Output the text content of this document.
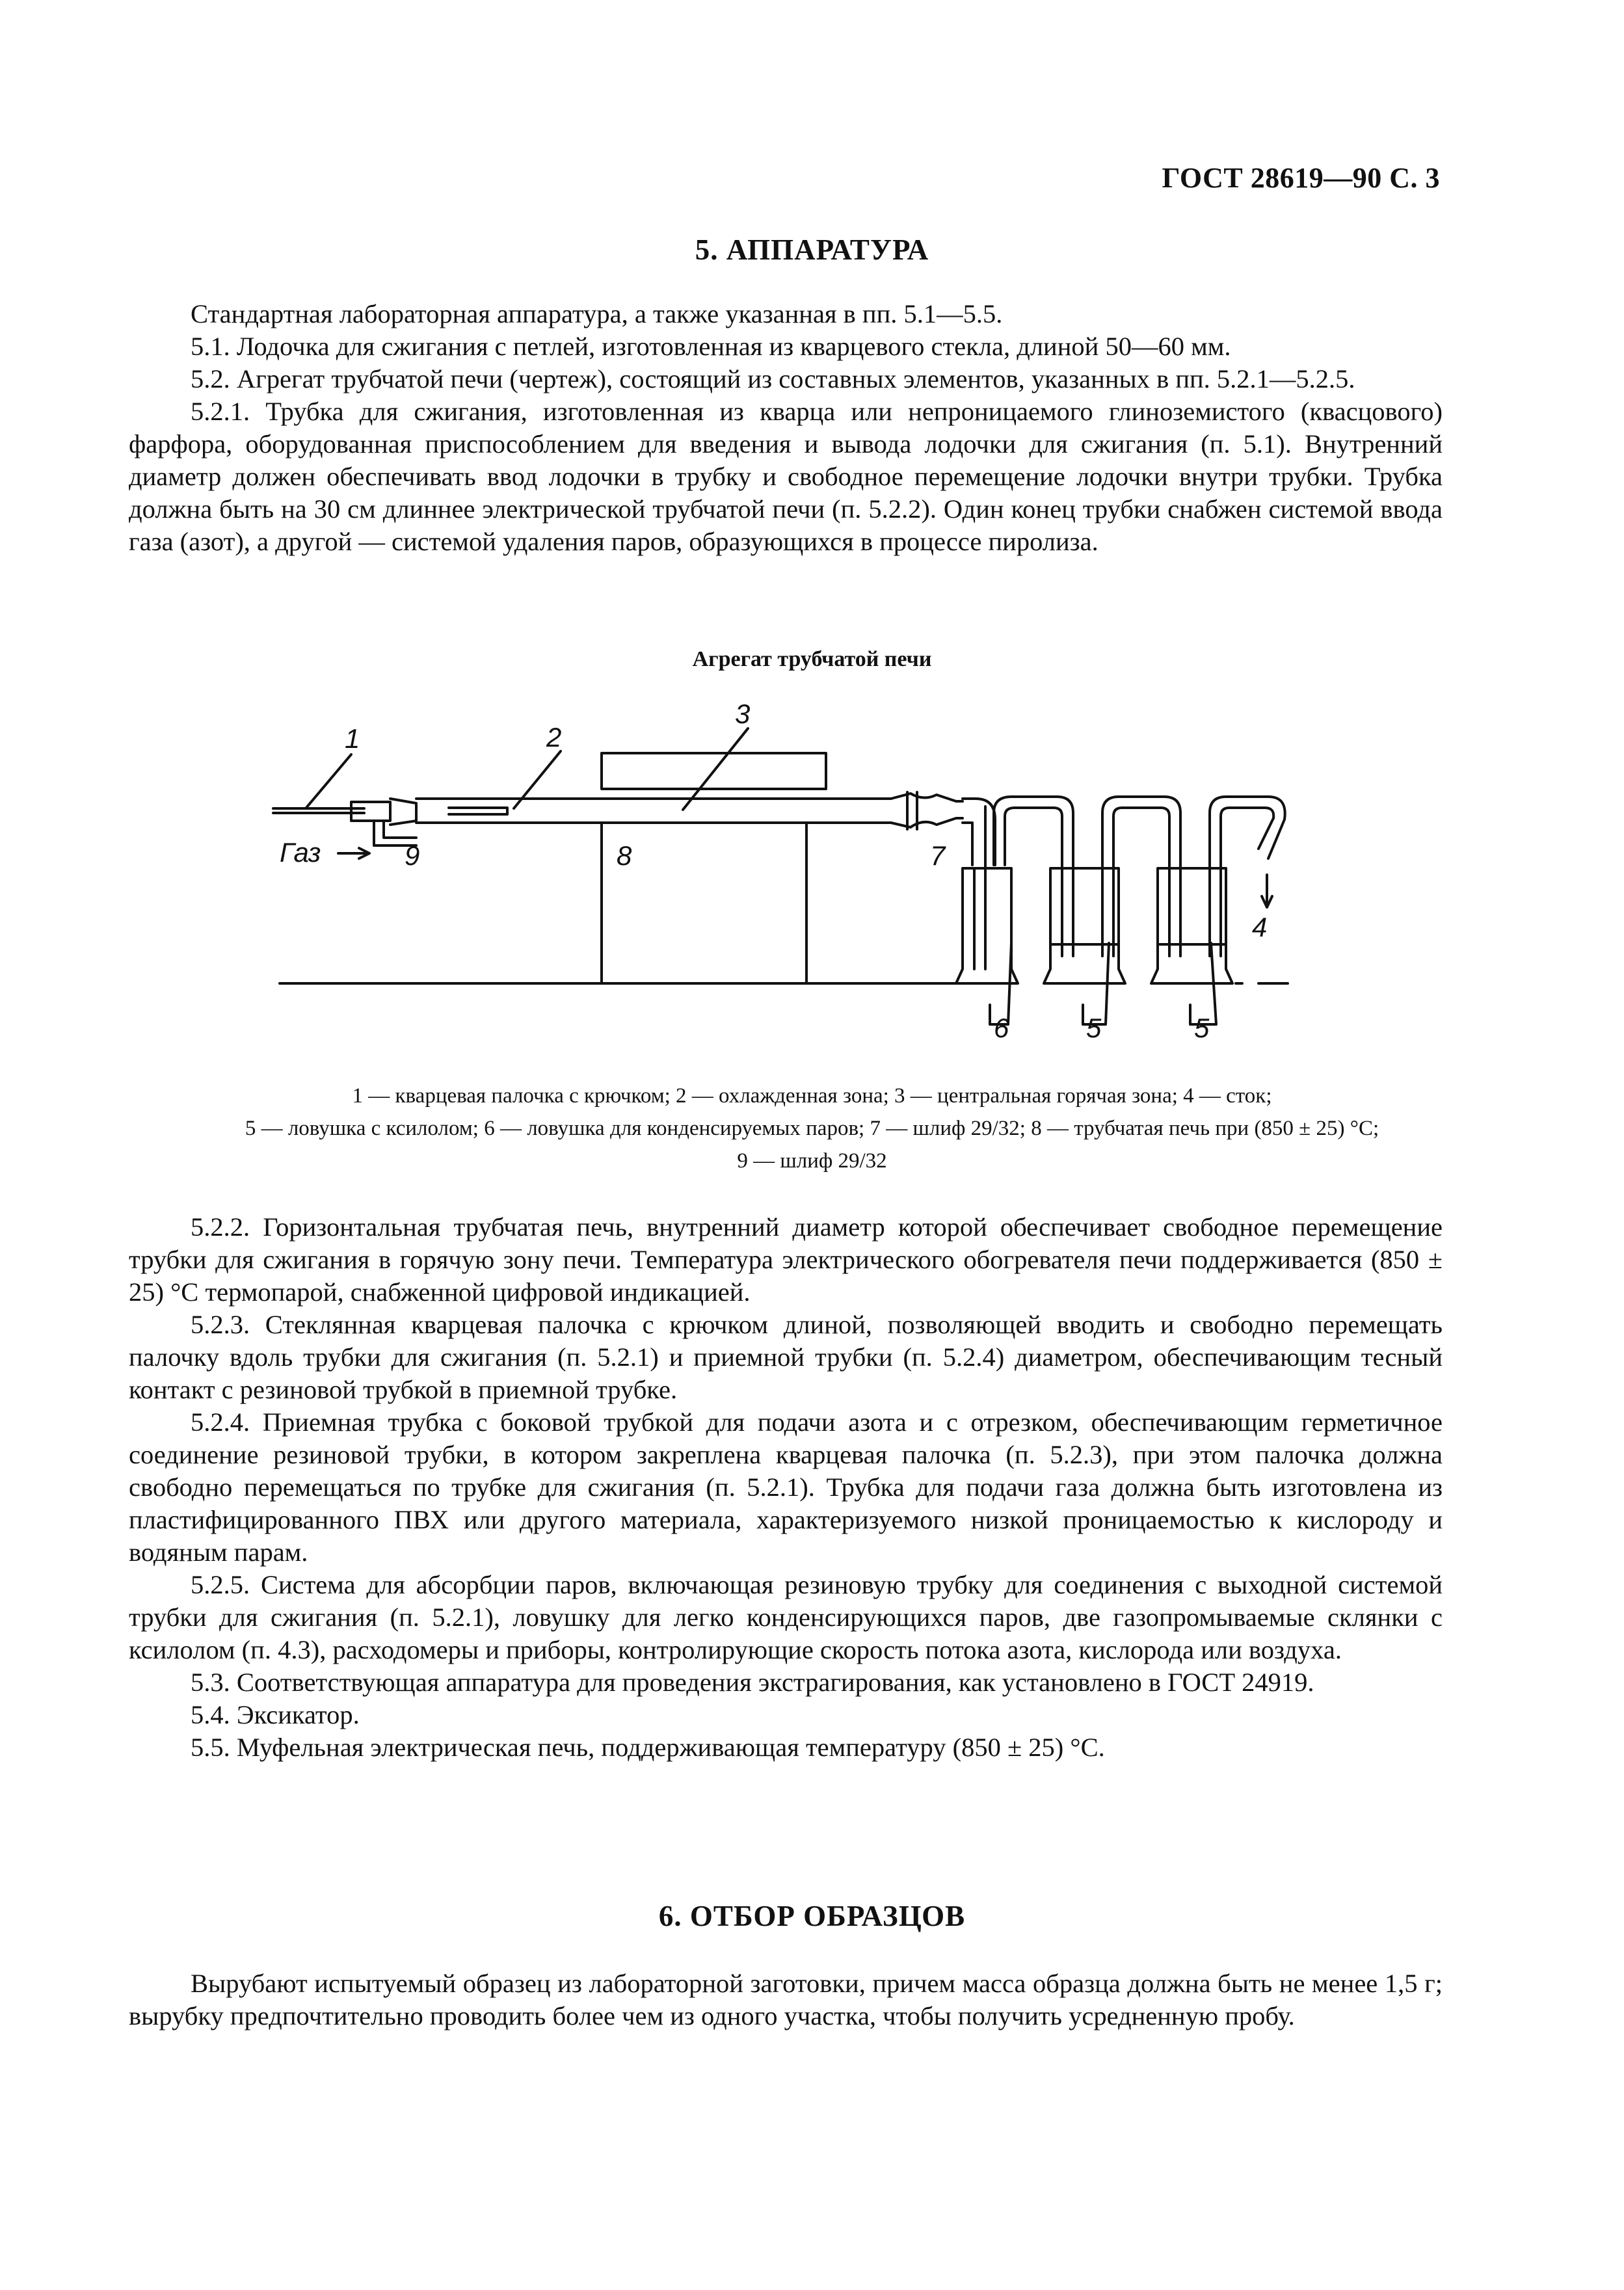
ГОСТ 28619—90 С. 3
5. АППАРАТУРА

Стандартная лабораторная аппаратура, а также указанная в пп. 5.1—5.5.

5.1. Лодочка для сжигания с петлей, изготовленная из кварцевого стекла, длиной 50—60 мм.

5.2. Агрегат трубчатой печи (чертеж), состоящий из составных элементов, указанных в пп. 5.2.1—5.2.5.

5.2.1. Трубка для сжигания, изготовленная из кварца или непроницаемого глиноземистого (квасцового) фарфора, оборудованная приспособлением для введения и вывода лодочки для сжигания (п. 5.1). Внутренний диаметр должен обеспечивать ввод лодочки в трубку и свободное перемещение лодочки внутри трубки. Трубка должна быть на 30 см длиннее электрической трубчатой печи (п. 5.2.2). Один конец трубки снабжен системой ввода газа (азот), а другой — системой удаления паров, образующихся в процессе пиролиза.

Агрегат трубчатой печи
1	2
3
Газ	9	8	7
4
6	5	5
1 — кварцевая палочка с крючком; 2 — охлажденная зона; 3 — центральная горячая зона; 4 — сток;
5 — ловушка с ксилолом; 6 — ловушка для конденсируемых паров; 7 — шлиф 29/32; 8 — трубчатая печь при (850 ± 25) °С;
9 — шлиф 29/32

5.2.2. Горизонтальная трубчатая печь, внутренний диаметр которой обеспечивает свободное перемещение трубки для сжигания в горячую зону печи. Температура электрического обогревателя печи поддерживается (850 ± 25) °С термопарой, снабженной цифровой индикацией.

5.2.3. Стеклянная кварцевая палочка с крючком длиной, позволяющей вводить и свободно перемещать палочку вдоль трубки для сжигания (п. 5.2.1) и приемной трубки (п. 5.2.4) диаметром, обеспечивающим тесный контакт с резиновой трубкой в приемной трубке.

5.2.4. Приемная трубка с боковой трубкой для подачи азота и с отрезком, обеспечивающим герметичное соединение резиновой трубки, в котором закреплена кварцевая палочка (п. 5.2.3), при этом палочка должна свободно перемещаться по трубке для сжигания (п. 5.2.1). Трубка для подачи газа должна быть изготовлена из пластифицированного ПВХ или другого материала, характеризуемого низкой проницаемостью к кислороду и водяным парам.

5.2.5. Система для абсорбции паров, включающая резиновую трубку для соединения с выходной системой трубки для сжигания (п. 5.2.1), ловушку для легко конденсирующихся паров, две газопромываемые склянки с ксилолом (п. 4.3), расходомеры и приборы, контролирующие скорость потока азота, кислорода или воздуха.

5.3. Соответствующая аппаратура для проведения экстрагирования, как установлено в ГОСТ 24919.

5.4. Эксикатор.

5.5. Муфельная электрическая печь, поддерживающая температуру (850 ± 25) °С.

6. ОТБОР ОБРАЗЦОВ

Вырубают испытуемый образец из лабораторной заготовки, причем масса образца должна быть не менее 1,5 г; вырубку предпочтительно проводить более чем из одного участка, чтобы получить усредненную пробу.
